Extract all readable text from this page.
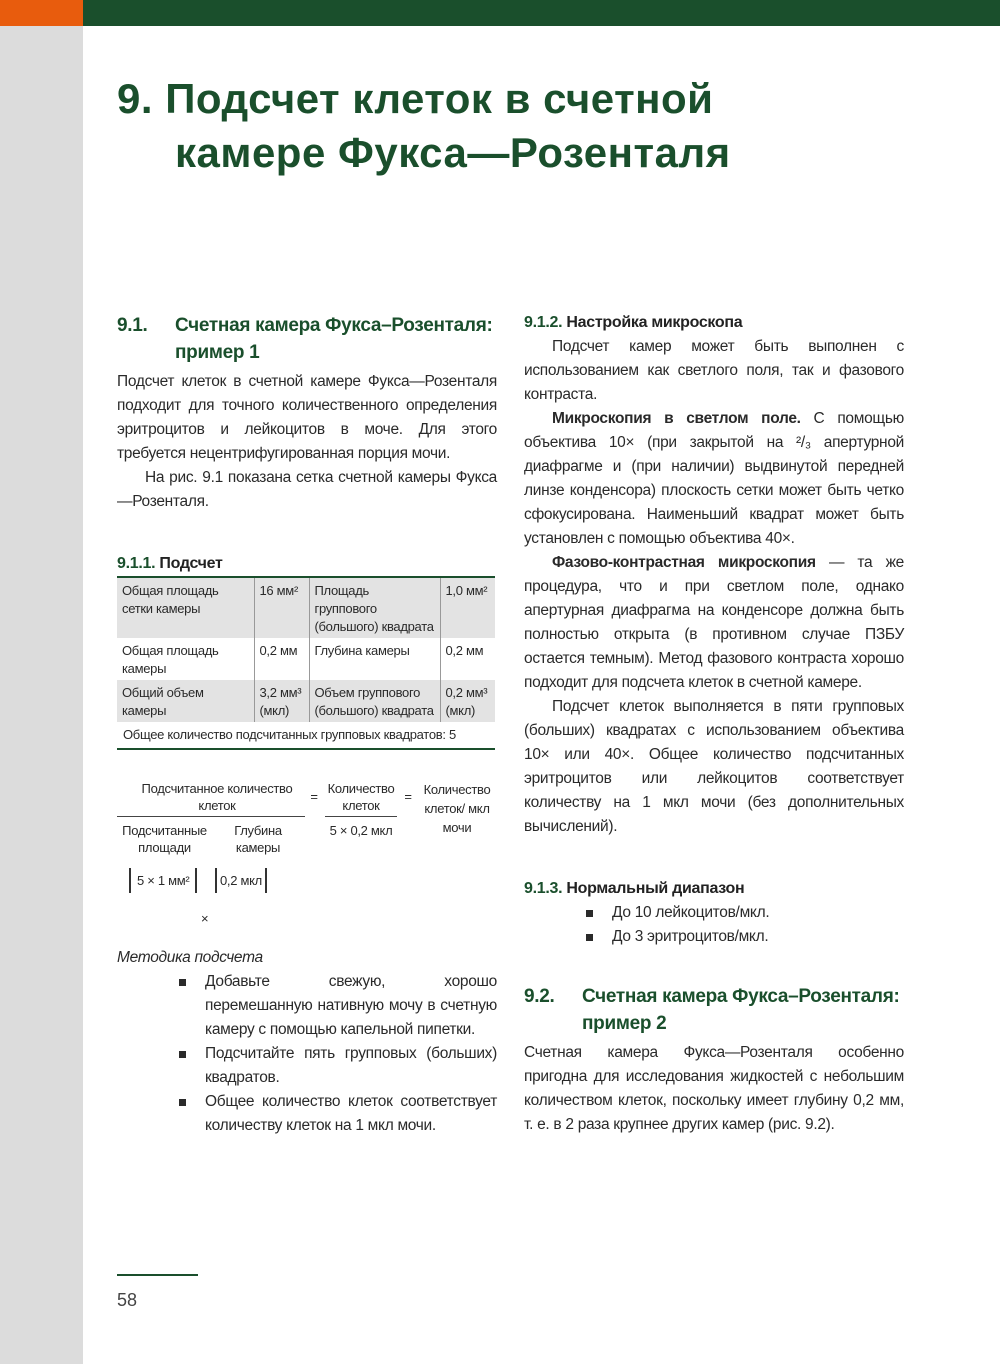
9. Подсчет клеток в счетной
камере Фукса—Розенталя
9.1.	Счетная камера Фукса–Розенталя: пример 1

Подсчет клеток в счетной камере Фукса—Розенталя подходит для точного количественного определения эритроцитов и лейкоцитов в моче. Для этого требуется нецентрифугированная порция мочи.

На рис. 9.1 показана сетка счетной камеры Фукса—Розенталя.

9.1.1. Подсчет
Общая площадь сетки камеры	16 мм²	Площадь группового (большого) квадрата	1,0 мм²
Общая площадь камеры	0,2 мм	Глубина камеры	0,2 мм
Общий объем камеры	3,2 мм³ (мкл)	Объем группового (большого) квадрата	0,2 мм³ (мкл)
Общее количество подсчитанных групповых квадратов: 5			
Подсчитанное количество клеток
Подсчитанные площади
Глубина камеры
=
Количество клеток
5 × 0,2 мкл
= Количество клеток/ мкл мочи
5 × 1 мм²	0,2 мкл
×
Методика подсчета
Добавьте свежую, хорошо перемешанную нативную мочу в счетную камеру с помощью капельной пипетки.
Подсчитайте пять групповых (больших) квадратов.
Общее количество клеток соответствует количеству клеток на 1 мкл мочи.
9.1.2. Настройка микроскопа

Подсчет камер может быть выполнен с использованием как светлого поля, так и фазового контраста.

Микроскопия в светлом поле. С помощью объектива 10× (при закрытой на ²/₃ апертурной диафрагме и (при наличии) выдвинутой передней линзе конденсора) плоскость сетки может быть четко сфокусирована. Наименьший квадрат может быть установлен с помощью объектива 40×.

Фазово-контрастная микроскопия — та же процедура, что и при светлом поле, однако апертурная диафрагма на конденсоре должна быть полностью открыта (в противном случае ПЗБУ остается темным). Метод фазового контраста хорошо подходит для подсчета клеток в счетной камере.

Подсчет клеток выполняется в пяти групповых (больших) квадратах с использованием объектива 10× или 40×. Общее количество подсчитанных эритроцитов или лейкоцитов соответствует количеству на 1 мкл мочи (без дополнительных вычислений).

9.1.3. Нормальный диапазон
До 10 лейкоцитов/мкл.
До 3 эритроцитов/мкл.
9.2.	Счетная камера Фукса–Розенталя: пример 2

Счетная камера Фукса—Розенталя особенно пригодна для исследования жидкостей с небольшим количеством клеток, поскольку имеет глубину 0,2 мм, т. е. в 2 раза крупнее других камер (рис. 9.2).

58
